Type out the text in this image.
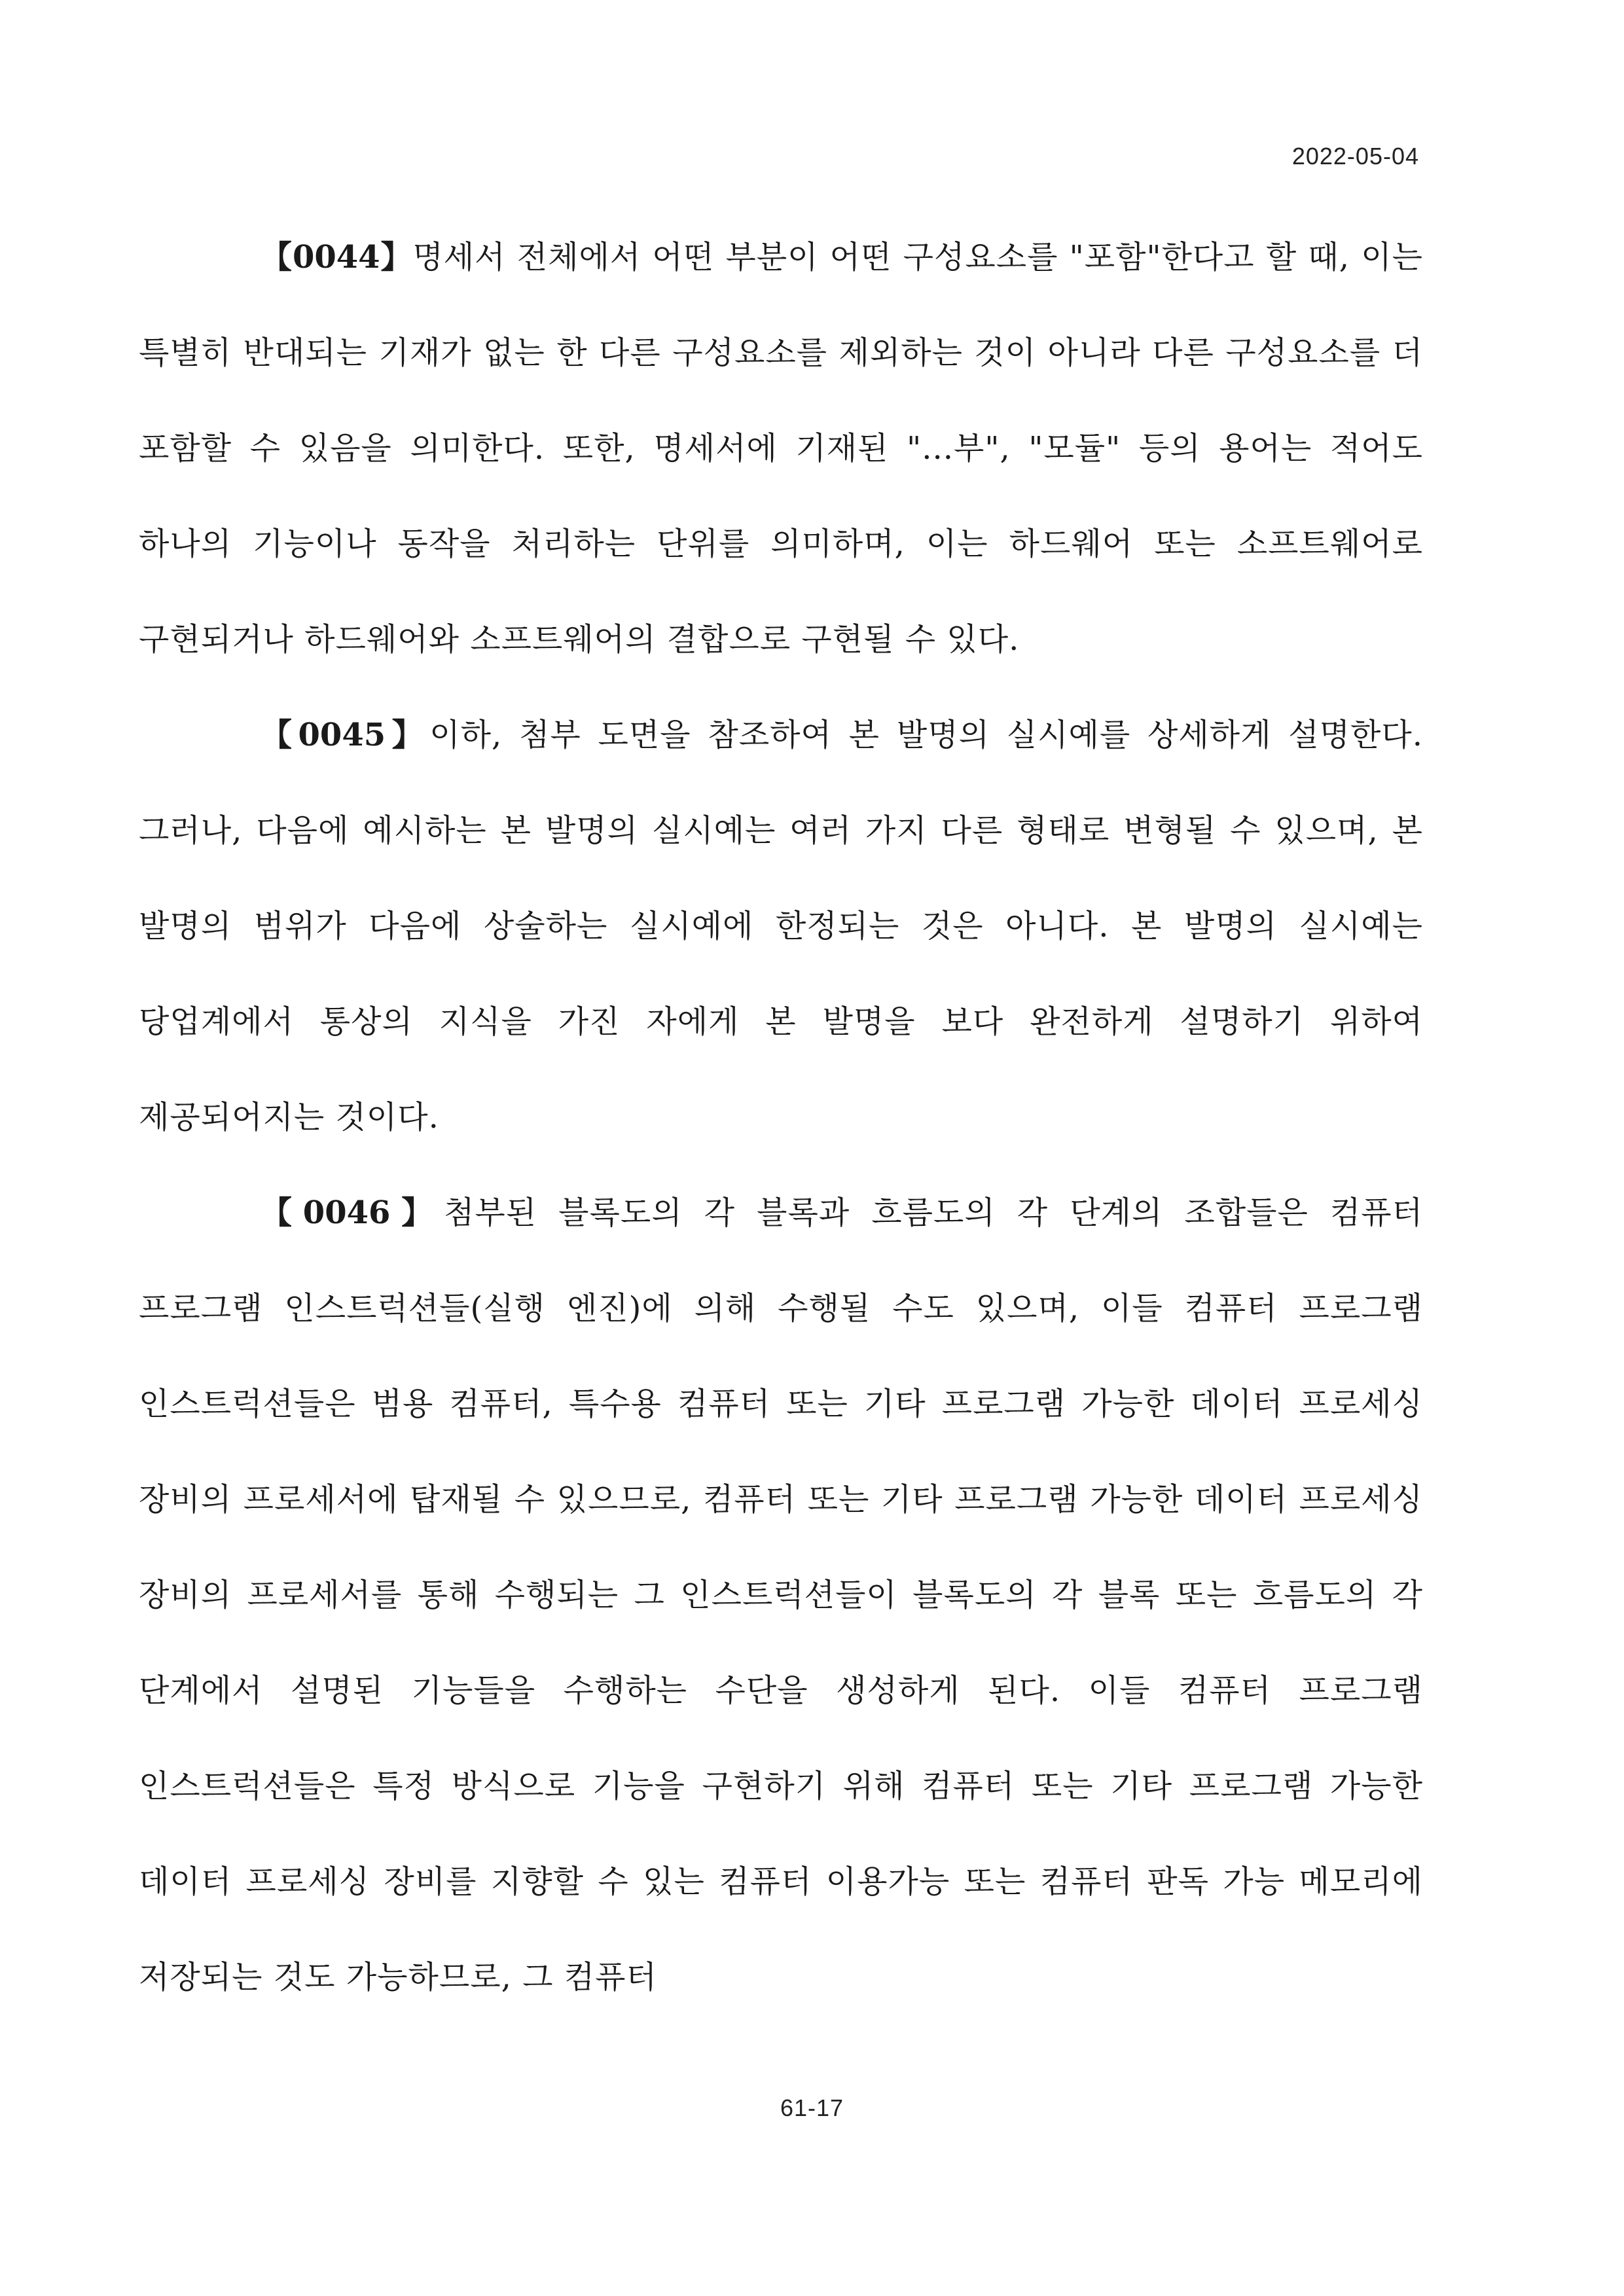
2022-05-04

【0044】명세서 전체에서 어떤 부분이 어떤 구성요소를 "포함"한다고 할 때, 이는 특별히 반대되는 기재가 없는 한 다른 구성요소를 제외하는 것이 아니라 다른 구성요소를 더 포함할 수 있음을 의미한다. 또한, 명세서에 기재된 "...부", "모듈" 등의 용어는 적어도 하나의 기능이나 동작을 처리하는 단위를 의미하며, 이는 하드웨어 또는 소프트웨어로 구현되거나 하드웨어와 소프트웨어의 결합으로 구현될 수 있다.

【0045】이하, 첨부 도면을 참조하여 본 발명의 실시예를 상세하게 설명한다. 그러나, 다음에 예시하는 본 발명의 실시예는 여러 가지 다른 형태로 변형될 수 있으며, 본 발명의 범위가 다음에 상술하는 실시예에 한정되는 것은 아니다. 본 발명의 실시예는 당업계에서 통상의 지식을 가진 자에게 본 발명을 보다 완전하게 설명하기 위하여 제공되어지는 것이다.

【0046】첨부된 블록도의 각 블록과 흐름도의 각 단계의 조합들은 컴퓨터 프로그램 인스트럭션들(실행 엔진)에 의해 수행될 수도 있으며, 이들 컴퓨터 프로그램 인스트럭션들은 범용 컴퓨터, 특수용 컴퓨터 또는 기타 프로그램 가능한 데이터 프로세싱 장비의 프로세서에 탑재될 수 있으므로, 컴퓨터 또는 기타 프로그램 가능한 데이터 프로세싱 장비의 프로세서를 통해 수행되는 그 인스트럭션들이 블록도의 각 블록 또는 흐름도의 각 단계에서 설명된 기능들을 수행하는 수단을 생성하게 된다. 이들 컴퓨터 프로그램 인스트럭션들은 특정 방식으로 기능을 구현하기 위해 컴퓨터 또는 기타 프로그램 가능한 데이터 프로세싱 장비를 지향할 수 있는 컴퓨터 이용가능 또는 컴퓨터 판독 가능 메모리에 저장되는 것도 가능하므로, 그 컴퓨터

61-17
